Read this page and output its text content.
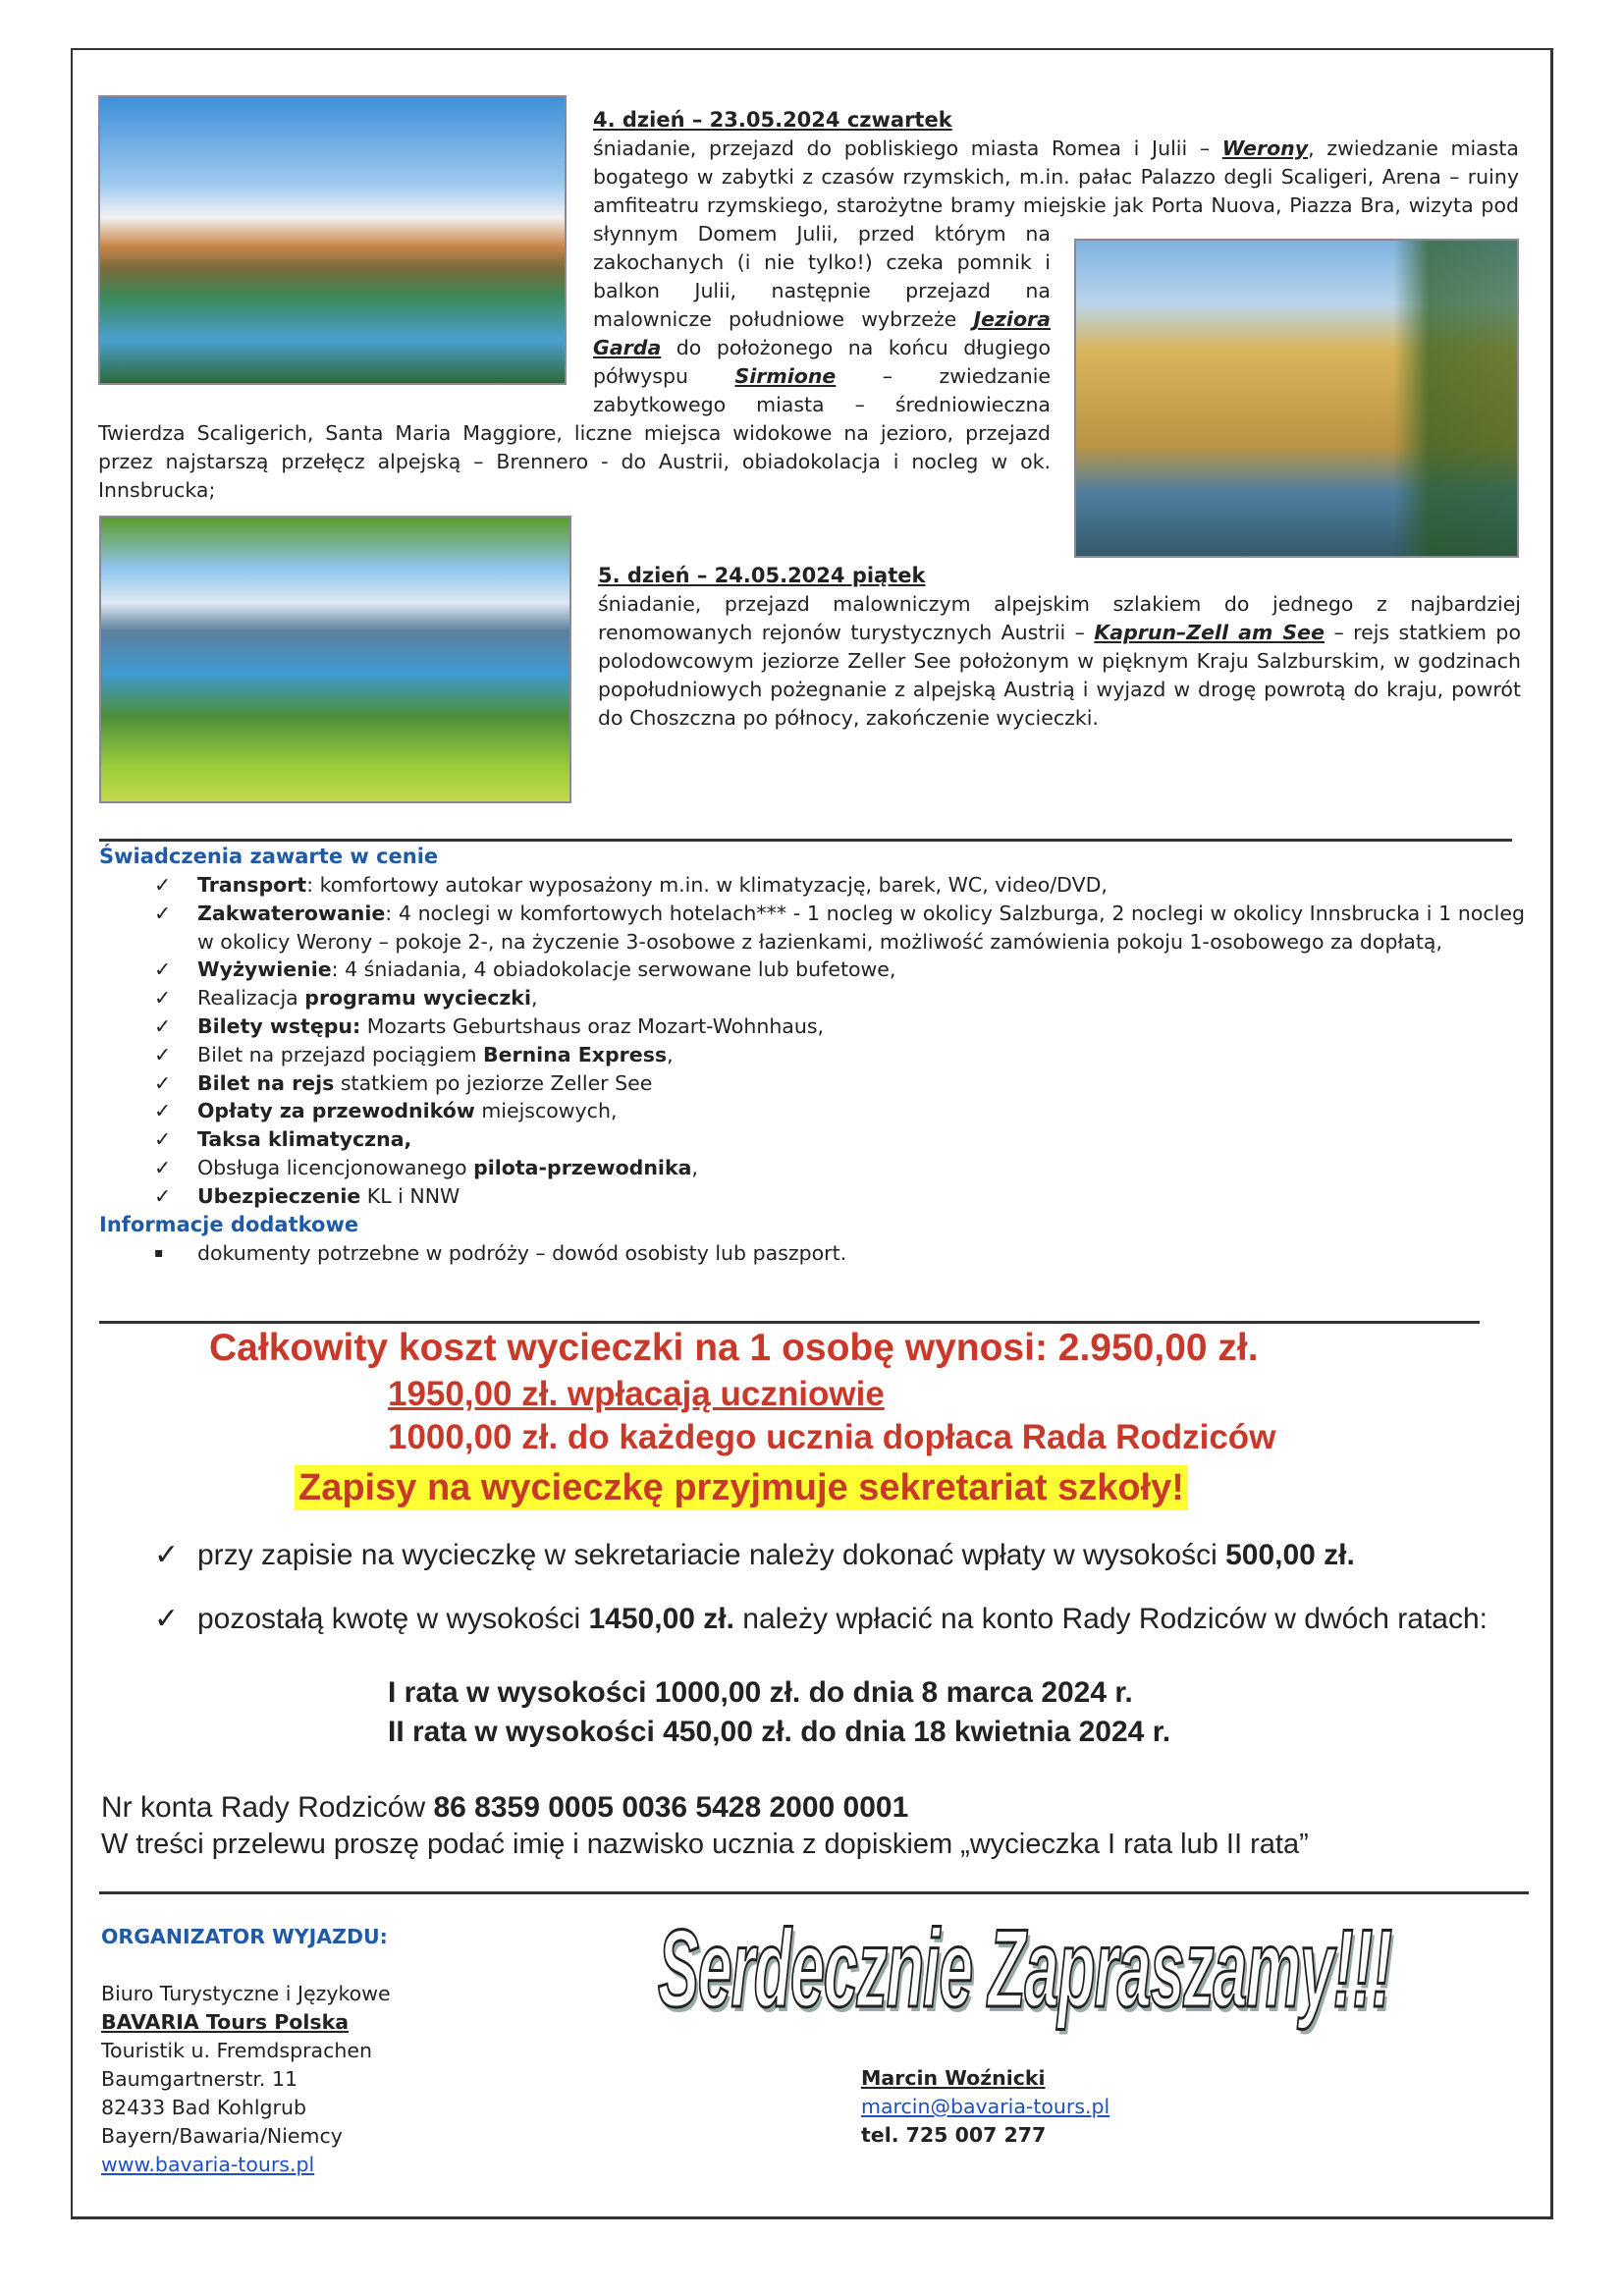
4. dzień – 23.05.2024 czwartek
śniadanie, przejazd do pobliskiego miasta Romea i Julii – Werony, zwiedzanie miasta bogatego w zabytki z czasów rzymskich, m.in. pałac Palazzo degli Scaligeri, Arena – ruiny amfiteatru rzymskiego, starożytne bramy miejskie jak Porta Nuova, Piazza Bra, wizyta pod słynnym Domem Julii, przed którym na zakochanych (i nie tylko!) czeka pomnik i balkon Julii, następnie przejazd na malownicze południowe wybrzeże Jeziora Garda do położonego na końcu długiego półwyspu Sirmione – zwiedzanie zabytkowego miasta – średniowieczna Twierdza Scaligerich, Santa Maria Maggiore, liczne miejsca widokowe na jezioro, przejazd przez najstarszą przełęcz alpejską – Brennero - do Austrii, obiadokolacja i nocleg w ok. Innsbrucka;
5. dzień – 24.05.2024 piątek
śniadanie, przejazd malowniczym alpejskim szlakiem do jednego z najbardziej renomowanych rejonów turystycznych Austrii – Kaprun–Zell am See – rejs statkiem po polodowcowym jeziorze Zeller See położonym w pięknym Kraju Salzburskim, w godzinach popołudniowych pożegnanie z alpejską Austrią i wyjazd w drogę powrotą do kraju, powrót do Choszczna po północy, zakończenie wycieczki.
Świadczenia zawarte w cenie
✓ Transport: komfortowy autokar wyposażony m.in. w klimatyzację, barek, WC, video/DVD,
✓ Zakwaterowanie: 4 noclegi w komfortowych hotelach*** - 1 nocleg w okolicy Salzburga, 2 noclegi w okolicy Innsbrucka i 1 nocleg w okolicy Werony – pokoje 2-, na życzenie 3-osobowe z łazienkami, możliwość zamówienia pokoju 1-osobowego za dopłatą,
✓ Wyżywienie: 4 śniadania, 4 obiadokolacje serwowane lub bufetowe,
✓ Realizacja programu wycieczki,
✓ Bilety wstępu: Mozarts Geburtshaus oraz Mozart-Wohnhaus,
✓ Bilet na przejazd pociągiem Bernina Express,
✓ Bilet na rejs statkiem po jeziorze Zeller See
✓ Opłaty za przewodników miejscowych,
✓ Taksa klimatyczna,
✓ Obsługa licencjonowanego pilota-przewodnika,
✓ Ubezpieczenie KL i NNW
Informacje dodatkowe
▪ dokumenty potrzebne w podróży – dowód osobisty lub paszport.
Całkowity koszt wycieczki na 1 osobę wynosi: 2.950,00 zł.
1950,00 zł. wpłacają uczniowie
1000,00 zł. do każdego ucznia dopłaca Rada Rodziców
Zapisy na wycieczkę przyjmuje sekretariat szkoły!
✓ przy zapisie na wycieczkę w sekretariacie należy dokonać wpłaty w wysokości 500,00 zł.
✓ pozostałą kwotę w wysokości 1450,00 zł. należy wpłacić na konto Rady Rodziców w dwóch ratach:
I rata w wysokości 1000,00 zł. do dnia 8 marca 2024 r.
II rata w wysokości 450,00 zł. do dnia 18 kwietnia 2024 r.
Nr konta Rady Rodziców 86 8359 0005 0036 5428 2000 0001
W treści przelewu proszę podać imię i nazwisko ucznia z dopiskiem „wycieczka I rata lub II rata”
ORGANIZATOR WYJAZDU:
Biuro Turystyczne i Językowe
BAVARIA Tours Polska
Touristik u. Fremdsprachen
Baumgartnerstr. 11
82433 Bad Kohlgrub
Bayern/Bawaria/Niemcy
www.bavaria-tours.pl
Serdecznie Zapraszamy!!!
Marcin Woźnicki
marcin@bavaria-tours.pl
tel. 725 007 277
